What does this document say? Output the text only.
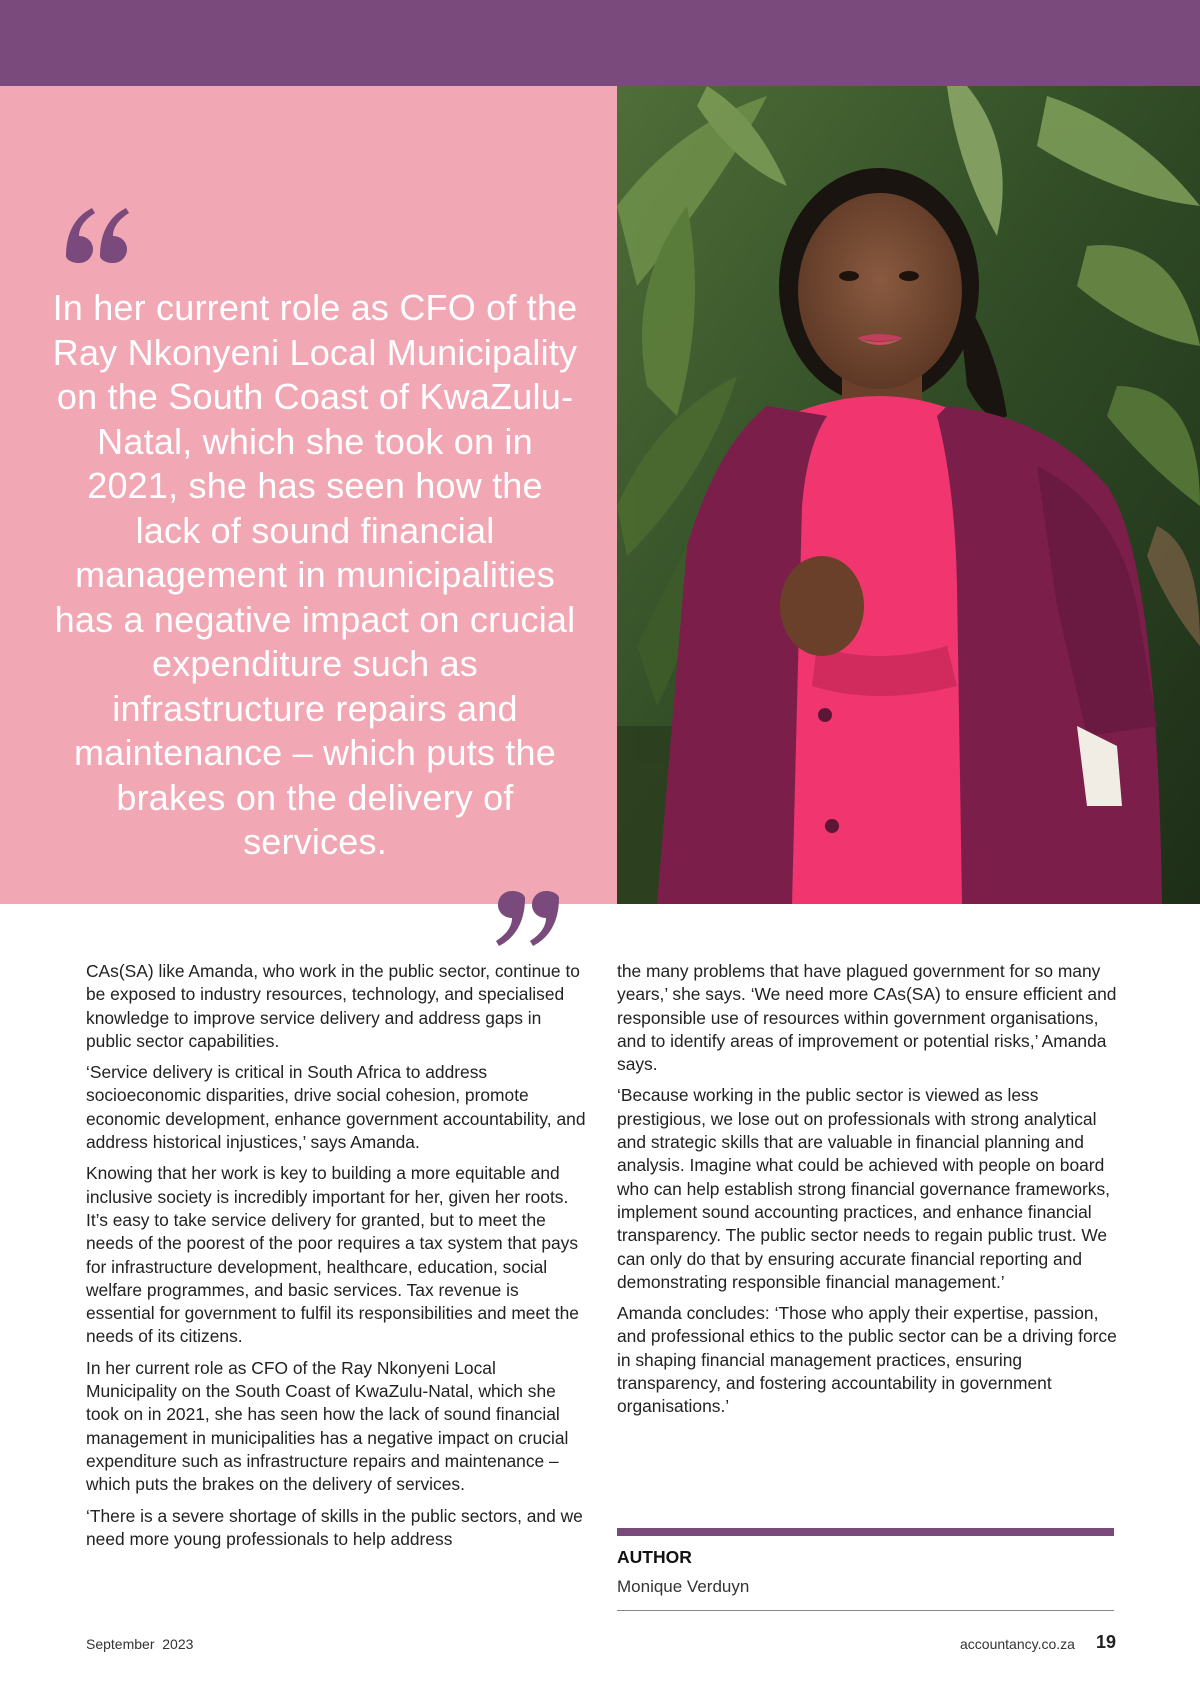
In her current role as CFO of the Ray Nkonyeni Local Municipality on the South Coast of KwaZulu-Natal, which she took on in 2021, she has seen how the lack of sound financial management in municipalities has a negative impact on crucial expenditure such as infrastructure repairs and maintenance – which puts the brakes on the delivery of services.

CAs(SA) like Amanda, who work in the public sector, continue to be exposed to industry resources, technology, and specialised knowledge to improve service delivery and address gaps in public sector capabilities.

‘Service delivery is critical in South Africa to address socioeconomic disparities, drive social cohesion, promote economic development, enhance government accountability, and address historical injustices,’ says Amanda.

Knowing that her work is key to building a more equitable and inclusive society is incredibly important for her, given her roots. It’s easy to take service delivery for granted, but to meet the needs of the poorest of the poor requires a tax system that pays for infrastructure development, healthcare, education, social welfare programmes, and basic services. Tax revenue is essential for government to fulfil its responsibilities and meet the needs of its citizens.

In her current role as CFO of the Ray Nkonyeni Local Municipality on the South Coast of KwaZulu-Natal, which she took on in 2021, she has seen how the lack of sound financial management in municipalities has a negative impact on crucial expenditure such as infrastructure repairs and maintenance – which puts the brakes on the delivery of services.

‘There is a severe shortage of skills in the public sectors, and we need more young professionals to help address

the many problems that have plagued government for so many years,’ she says. ‘We need more CAs(SA) to ensure efficient and responsible use of resources within government organisations, and to identify areas of improvement or potential risks,’ Amanda says.

‘Because working in the public sector is viewed as less prestigious, we lose out on professionals with strong analytical and strategic skills that are valuable in financial planning and analysis. Imagine what could be achieved with people on board who can help establish strong financial governance frameworks, implement sound accounting practices, and enhance financial transparency. The public sector needs to regain public trust. We can only do that by ensuring accurate financial reporting and demonstrating responsible financial management.’

Amanda concludes: ‘Those who apply their expertise, passion, and professional ethics to the public sector can be a driving force in shaping financial management practices, ensuring transparency, and fostering accountability in government organisations.’

AUTHOR
Monique Verduyn
September  2023	accountancy.co.za 19
